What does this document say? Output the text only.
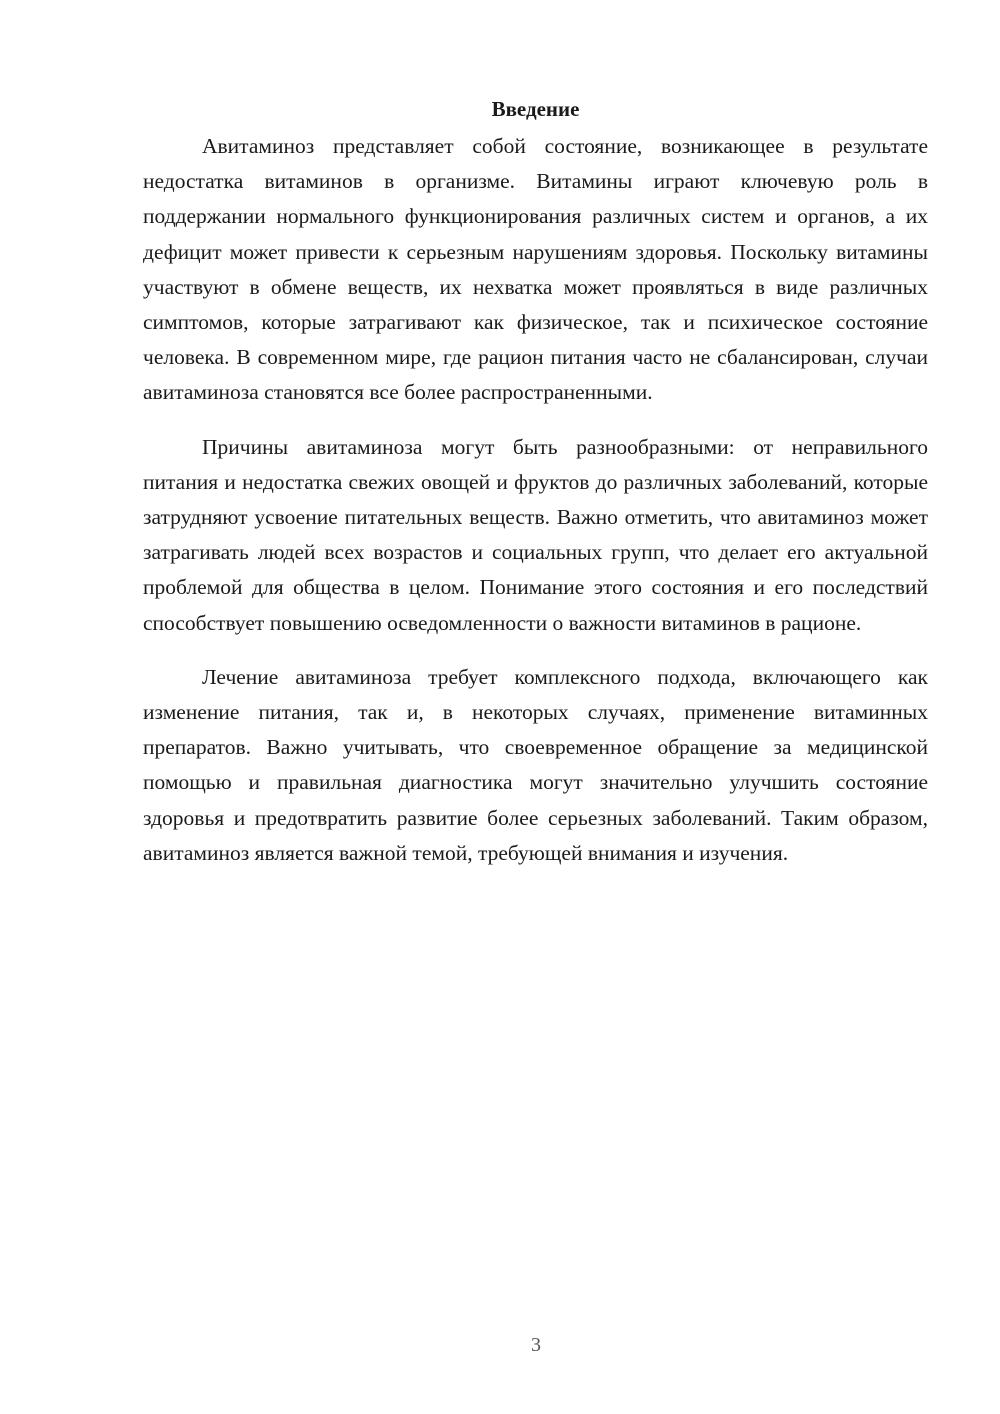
Введение

Авитаминоз представляет собой состояние, возникающее в результате недостатка витаминов в организме. Витамины играют ключевую роль в поддержании нормального функционирования различных систем и органов, а их дефицит может привести к серьезным нарушениям здоровья. Поскольку витамины участвуют в обмене веществ, их нехватка может проявляться в виде различных симптомов, которые затрагивают как физическое, так и психическое состояние человека. В современном мире, где рацион питания часто не сбалансирован, случаи авитаминоза становятся все более распространенными.

Причины авитаминоза могут быть разнообразными: от неправильного питания и недостатка свежих овощей и фруктов до различных заболеваний, которые затрудняют усвоение питательных веществ. Важно отметить, что авитаминоз может затрагивать людей всех возрастов и социальных групп, что делает его актуальной проблемой для общества в целом. Понимание этого состояния и его последствий способствует повышению осведомленности о важности витаминов в рационе.

Лечение авитаминоза требует комплексного подхода, включающего как изменение питания, так и, в некоторых случаях, применение витаминных препаратов. Важно учитывать, что своевременное обращение за медицинской помощью и правильная диагностика могут значительно улучшить состояние здоровья и предотвратить развитие более серьезных заболеваний. Таким образом, авитаминоз является важной темой, требующей внимания и изучения.

3
